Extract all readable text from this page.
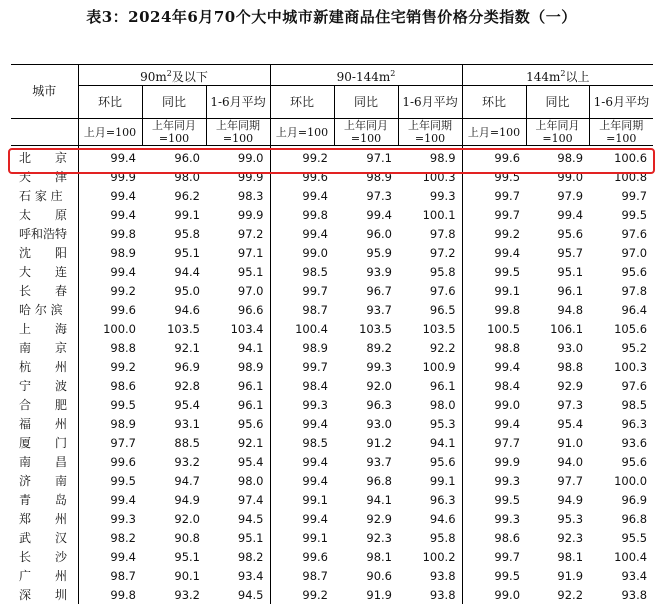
表3：2024年6月70个大中城市新建商品住宅销售价格分类指数（一）
城市	$90m^2$及以下			$90-144m^2$			$144m^2$以上		
	环比	同比	1-6月平均	环比	同比	1-6月平均	环比	同比	1-6月平均
	上月=100	上年同月=100	上年同期=100	上月=100	上年同月=100	上年同期=100	上月=100	上年同月=100	上年同期=100
北　　京	99.4	96.0	99.0	99.2	97.1	98.9	99.6	98.9	100.6
天　　津	99.9	98.0	99.9	99.6	98.9	100.3	99.5	99.0	100.8
石 家 庄	99.4	96.2	98.3	99.4	97.3	99.3	99.7	97.9	99.7
太　　原	99.4	99.1	99.9	99.8	99.4	100.1	99.7	99.4	99.5
呼和浩特	99.8	95.8	97.2	99.4	96.0	97.8	99.2	95.6	97.6
沈　　阳	98.9	95.1	97.1	99.0	95.9	97.2	99.4	95.7	97.0
大　　连	99.4	94.4	95.1	98.5	93.9	95.8	99.5	95.1	95.6
长　　春	99.2	95.0	97.0	99.7	96.7	97.6	99.1	96.1	97.8
哈 尔 滨	99.6	94.6	96.6	98.7	93.7	96.5	99.8	94.8	96.4
上　　海	100.0	103.5	103.4	100.4	103.5	103.5	100.5	106.1	105.6
南　　京	98.8	92.1	94.1	98.9	89.2	92.2	98.8	93.0	95.2
杭　　州	99.2	96.9	98.9	99.7	99.3	100.9	99.4	98.8	100.3
宁　　波	98.6	92.8	96.1	98.4	92.0	96.1	98.4	92.9	97.6
合　　肥	99.5	95.4	96.1	99.3	96.3	98.0	99.0	97.3	98.5
福　　州	98.9	93.1	95.6	99.4	93.0	95.3	99.4	95.4	96.3
厦　　门	97.7	88.5	92.1	98.5	91.2	94.1	97.7	91.0	93.6
南　　昌	99.6	93.2	95.4	99.4	93.7	95.6	99.9	94.0	95.6
济　　南	99.5	94.7	98.0	99.4	96.8	99.1	99.3	97.7	100.0
青　　岛	99.4	94.9	97.4	99.1	94.1	96.3	99.5	94.9	96.9
郑　　州	99.3	92.0	94.5	99.4	92.9	94.6	99.3	95.3	96.8
武　　汉	98.2	90.8	95.1	99.1	92.3	95.8	98.6	92.3	95.5
长　　沙	99.4	95.1	98.2	99.6	98.1	100.2	99.7	98.1	100.4
广　　州	98.7	90.1	93.4	98.7	90.6	93.8	99.5	91.9	93.4
深　　圳	99.8	93.2	94.5	99.2	91.9	93.8	99.0	92.2	93.8
